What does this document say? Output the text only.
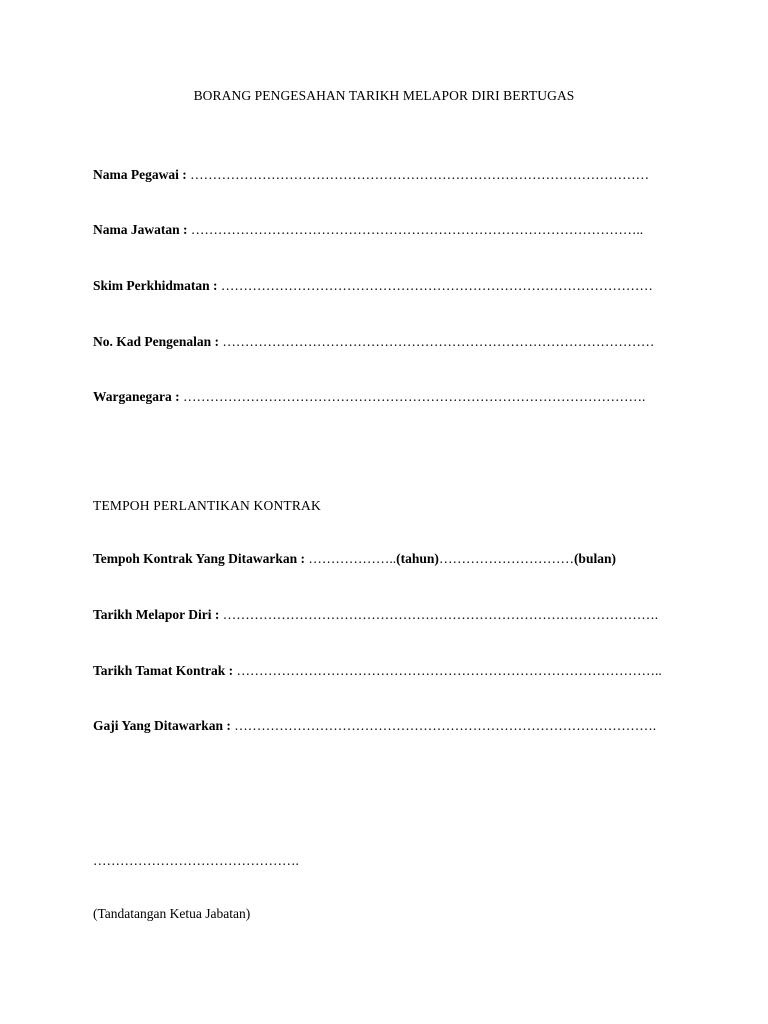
BORANG PENGESAHAN TARIKH MELAPOR DIRI BERTUGAS
Nama Pegawai : …………………………………………………………………………………………
Nama Jawatan : ………………………………………………………………………………………..
Skim Perkhidmatan : ……………………………………………………………………………………
No. Kad Pengenalan : ……………………………………………………………………………………
Warganegara : ………………………………………………………………………………………….
TEMPOH PERLANTIKAN KONTRAK
Tempoh Kontrak Yang Ditawarkan : ………………..(tahun)…………………………(bulan)
Tarikh Melapor Diri : …………………………………………………………………………………….
Tarikh Tamat Kontrak : …………………………………………………………………………………..
Gaji Yang Ditawarkan : ………………………………………………………………………………….
……………………………………….
(Tandatangan Ketua Jabatan)
